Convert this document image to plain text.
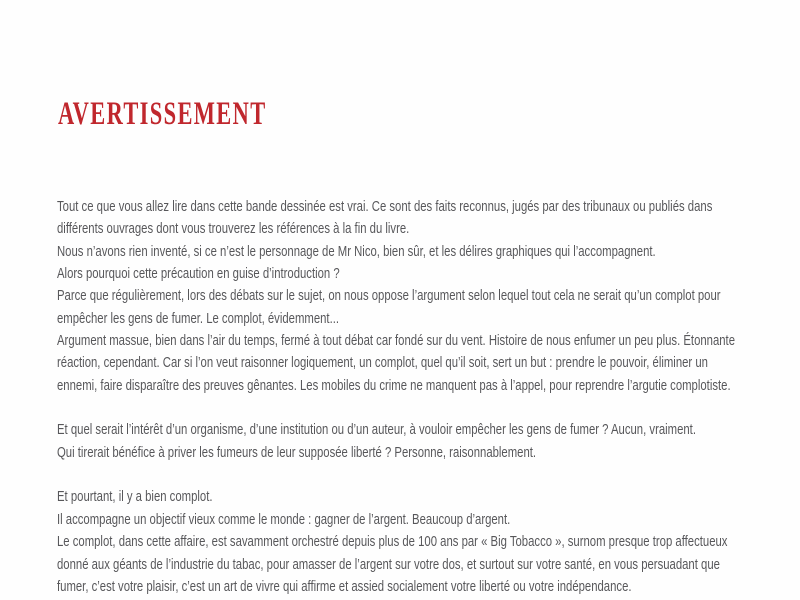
AVERTISSEMENT
Tout ce que vous allez lire dans cette bande dessinée est vrai. Ce sont des faits reconnus, jugés par des tribunaux ou publiés dans
différents ouvrages dont vous trouverez les références à la fin du livre.
Nous n’avons rien inventé, si ce n’est le personnage de Mr Nico, bien sûr, et les délires graphiques qui l’accompagnent.
Alors pourquoi cette précaution en guise d’introduction ?
Parce que régulièrement, lors des débats sur le sujet, on nous oppose l’argument selon lequel tout cela ne serait qu’un complot pour
empêcher les gens de fumer. Le complot, évidemment...
Argument massue, bien dans l’air du temps, fermé à tout débat car fondé sur du vent. Histoire de nous enfumer un peu plus. Étonnante
réaction, cependant. Car si l’on veut raisonner logiquement, un complot, quel qu’il soit, sert un but : prendre le pouvoir, éliminer un
ennemi, faire disparaître des preuves gênantes. Les mobiles du crime ne manquent pas à l’appel, pour reprendre l’argutie complotiste.
Et quel serait l’intérêt d’un organisme, d’une institution ou d’un auteur, à vouloir empêcher les gens de fumer ? Aucun, vraiment.
Qui tirerait bénéfice à priver les fumeurs de leur supposée liberté ? Personne, raisonnablement.
Et pourtant, il y a bien complot.
Il accompagne un objectif vieux comme le monde : gagner de l’argent. Beaucoup d’argent.
Le complot, dans cette affaire, est savamment orchestré depuis plus de 100 ans par « Big Tobacco », surnom presque trop affectueux
donné aux géants de l’industrie du tabac, pour amasser de l’argent sur votre dos, et surtout sur votre santé, en vous persuadant que
fumer, c’est votre plaisir, c’est un art de vivre qui affirme et assied socialement votre liberté ou votre indépendance.
